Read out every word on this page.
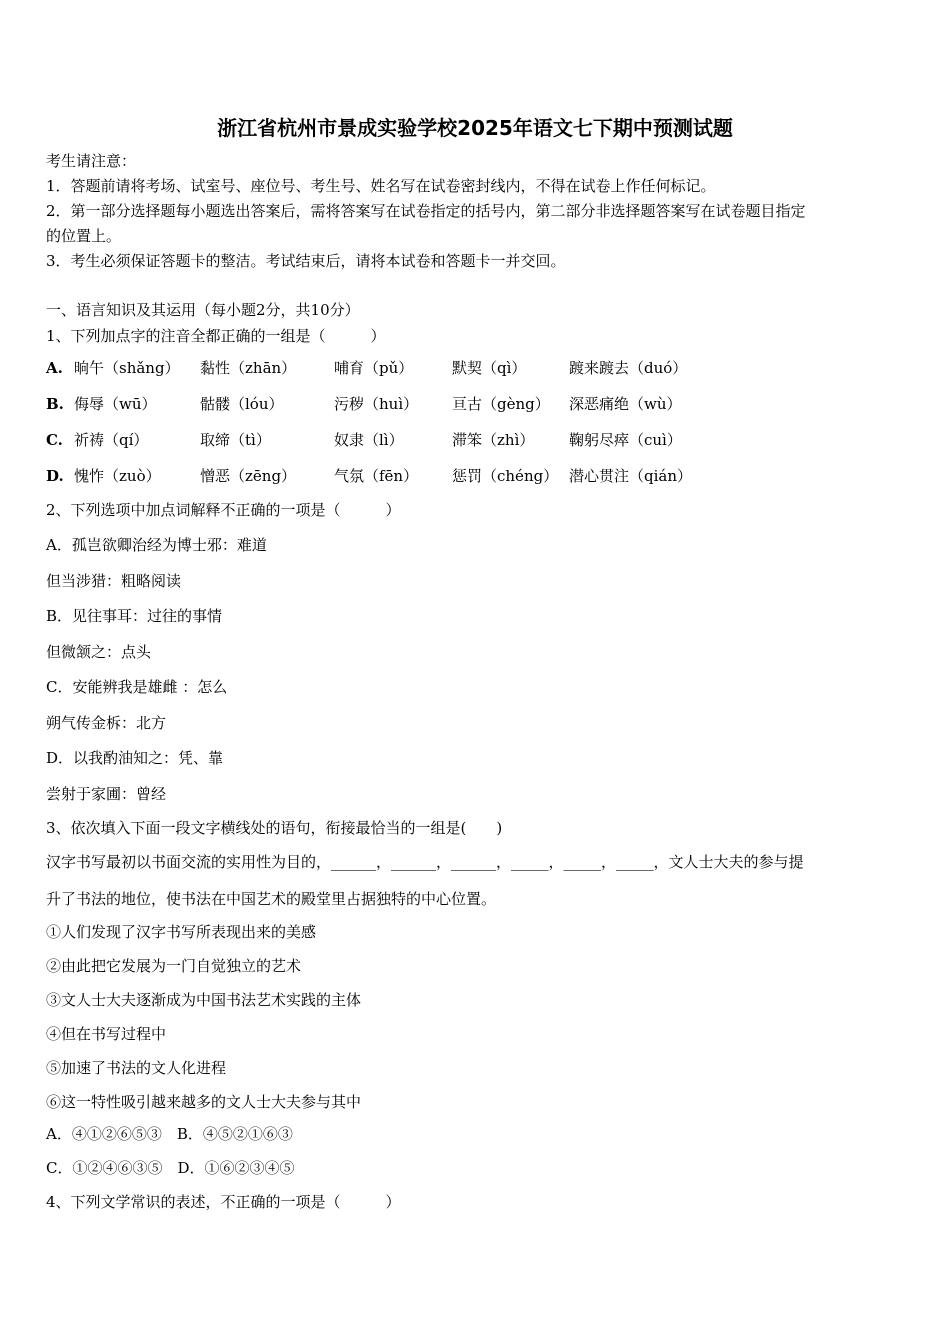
浙江省杭州市景成实验学校2025年语文七下期中预测试题
考生请注意：
1．答题前请将考场、试室号、座位号、考生号、姓名写在试卷密封线内，不得在试卷上作任何标记。
2．第一部分选择题每小题选出答案后，需将答案写在试卷指定的括号内，第二部分非选择题答案写在试卷题目指定
的位置上。
3．考生必须保证答题卡的整洁。考试结束后，请将本试卷和答题卡一并交回。
一、语言知识及其运用（每小题2分，共10分）
1、下列加点字的注音全都正确的一组是（　　　）
A. 晌午（shǎng） 黏性（zhān）	哺育（pǔ）	默契（qì）	踱来踱去（duó）
B. 侮辱（wū）	骷髅（lóu）	污秽（huì） 亘古（gèng） 深恶痛绝（wù）
C. 祈祷（qí）	取缔（tì）	奴隶（lì）	滞笨（zhì） 鞠躬尽瘁（cuì）
D. 愧怍（zuò）	憎恶（zēng）	气氛（fēn） 惩罚（chéng） 潜心贯注（qián）
2、下列选项中加点词解释不正确的一项是（　　　）
A．孤岂欲卿治经为博士邪：难道
但当涉猎：粗略阅读
B．见往事耳：过往的事情
但微颔之：点头
C．安能辨我是雄雌 ：怎么
朔气传金柝：北方
D．以我酌油知之：凭、靠
尝射于家圃：曾经
3、依次填入下面一段文字横线处的语句，衔接最恰当的一组是(　　)
汉字书写最初以书面交流的实用性为目的，______，______，______，_____，_____，_____，文人士大夫的参与提
升了书法的地位，使书法在中国艺术的殿堂里占据独特的中心位置。
①人们发现了汉字书写所表现出来的美感
②由此把它发展为一门自觉独立的艺术
③文人士大夫逐渐成为中国书法艺术实践的主体
④但在书写过程中
⑤加速了书法的文人化进程
⑥这一特性吸引越来越多的文人士大夫参与其中
A．④①②⑥⑤③　B．④⑤②①⑥③
C．①②④⑥③⑤　D．①⑥②③④⑤
4、下列文学常识的表述，不正确的一项是（　　　）
